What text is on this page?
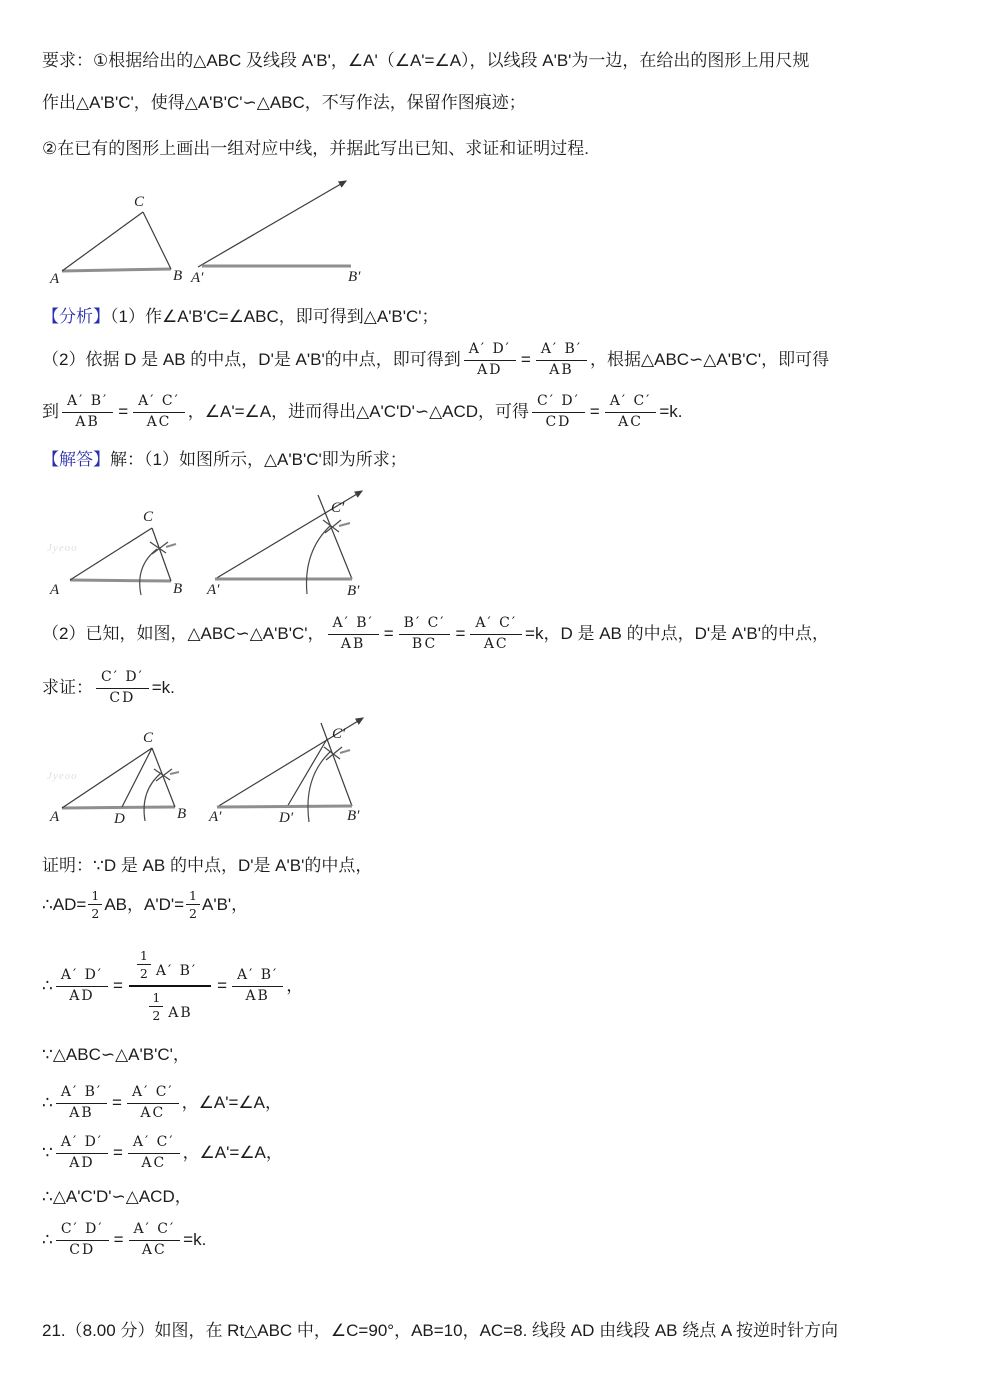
要求：①根据给出的△ABC 及线段 A'B'，∠A'（∠A'=∠A），以线段 A'B'为一边，在给出的图形上用尺规
作出△A'B'C'，使得△A'B'C'∽△ABC，不写作法，保留作图痕迹；
②在已有的图形上画出一组对应中线，并据此写出已知、求证和证明过程.
A	B
C
A′	B′
【分析】（1）作∠A'B'C=∠ABC，即可得到△A'B'C'；
（2）依据 D 是 AB 的中点，D'是 A'B'的中点，即可得到 $\frac{A' D'}{AD} = \frac{A' B'}{AB}$ ，根据△ABC∽△A'B'C'，即可得
到 $\frac{A' B'}{AB} = \frac{A' C'}{AC}$ ，∠A'=∠A，进而得出△A'C'D'∽△ACD，可得 $\frac{C' D'}{CD} = \frac{A' C'}{AC} =k$.
【解答】解：（1）如图所示，△A'B'C'即为所求；
Jyeoo
A	B
C
A′	B′
C′
（2）已知，如图，△ABC∽△A'B'C'， $\frac{A' B'}{AB} = \frac{B' C'}{BC} = \frac{A' C'}{AC} =k$，D 是 AB 的中点，D'是 A'B'的中点，
求证： $\frac{C' D'}{CD} =k$.
Jyeoo
A	D	B
C
A′	D′	B′
C′
证明：∵D 是 AB 的中点，D'是 A'B'的中点，
∴AD= $\frac{1}{2}$ AB，$A'D'= \frac{1}{2} A'B'$，
∴ $\frac{A' D'}{AD} = \frac{\frac{1}{2} A' B'}{\frac{1}{2} AB} = \frac{A' B'}{AB}$ ，
∵△ABC∽△A'B'C'，
∴ $\frac{A' B'}{AB} = \frac{A' C'}{AC}$ ，∠A'=∠A，
∵ $\frac{A' D'}{AD} = \frac{A' C'}{AC}$ ，∠A'=∠A，
∴△A'C'D'∽△ACD，
∴ $\frac{C' D'}{CD} = \frac{A' C'}{AC} =k$.
21.（8.00 分）如图，在 Rt△ABC 中，∠C=90°，AB=10，AC=8. 线段 AD 由线段 AB 绕点 A 按逆时针方向
